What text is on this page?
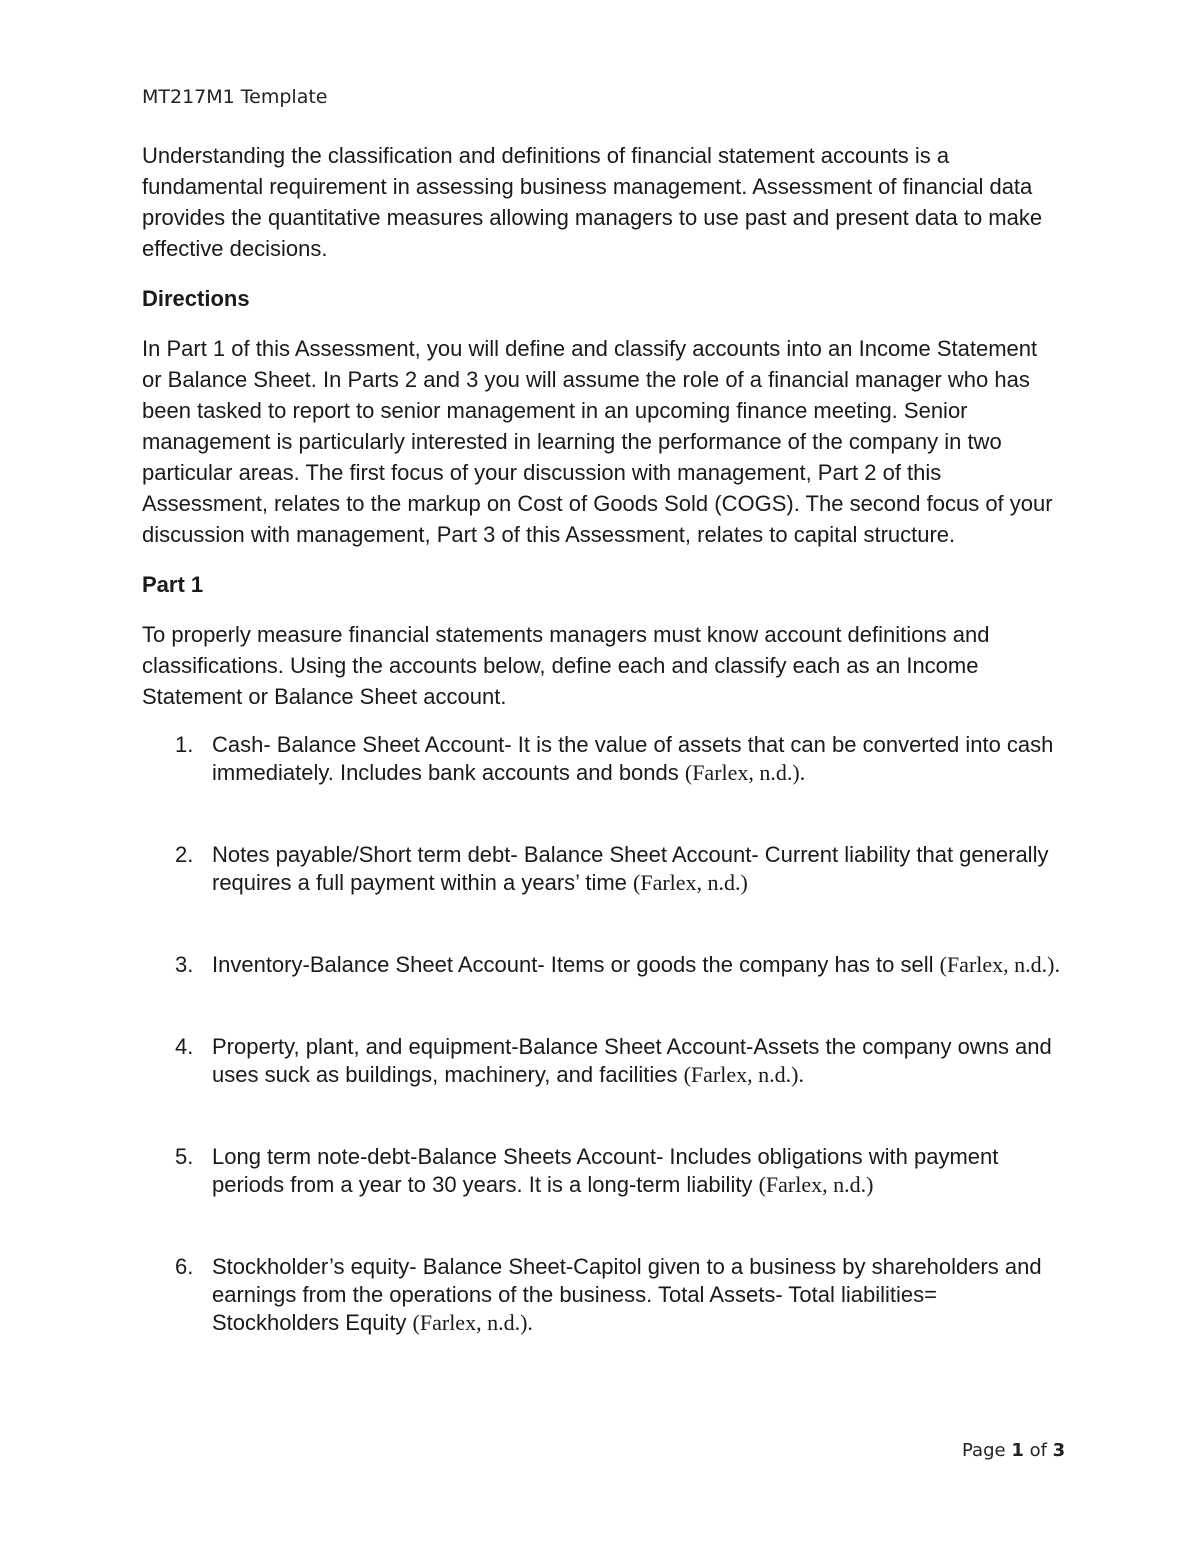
MT217M1 Template

Understanding the classification and definitions of financial statement accounts is a fundamental requirement in assessing business management. Assessment of financial data provides the quantitative measures allowing managers to use past and present data to make effective decisions.

Directions

In Part 1 of this Assessment, you will define and classify accounts into an Income Statement or Balance Sheet. In Parts 2 and 3 you will assume the role of a financial manager who has been tasked to report to senior management in an upcoming finance meeting. Senior management is particularly interested in learning the performance of the company in two particular areas. The first focus of your discussion with management, Part 2 of this Assessment, relates to the markup on Cost of Goods Sold (COGS). The second focus of your discussion with management, Part 3 of this Assessment, relates to capital structure.

Part 1

To properly measure financial statements managers must know account definitions and classifications. Using the accounts below, define each and classify each as an Income Statement or Balance Sheet account.

1. Cash- Balance Sheet Account- It is the value of assets that can be converted into cash immediately. Includes bank accounts and bonds (Farlex, n.d.).
2. Notes payable/Short term debt- Balance Sheet Account- Current liability that generally requires a full payment within a years’ time (Farlex, n.d.)
3. Inventory-Balance Sheet Account- Items or goods the company has to sell (Farlex, n.d.).
4. Property, plant, and equipment-Balance Sheet Account-Assets the company owns and uses suck as buildings, machinery, and facilities (Farlex, n.d.).
5. Long term note-debt-Balance Sheets Account- Includes obligations with payment periods from a year to 30 years. It is a long-term liability (Farlex, n.d.)
6. Stockholder’s equity- Balance Sheet-Capitol given to a business by shareholders and earnings from the operations of the business. Total Assets- Total liabilities= Stockholders Equity (Farlex, n.d.).
Page 1 of 3
